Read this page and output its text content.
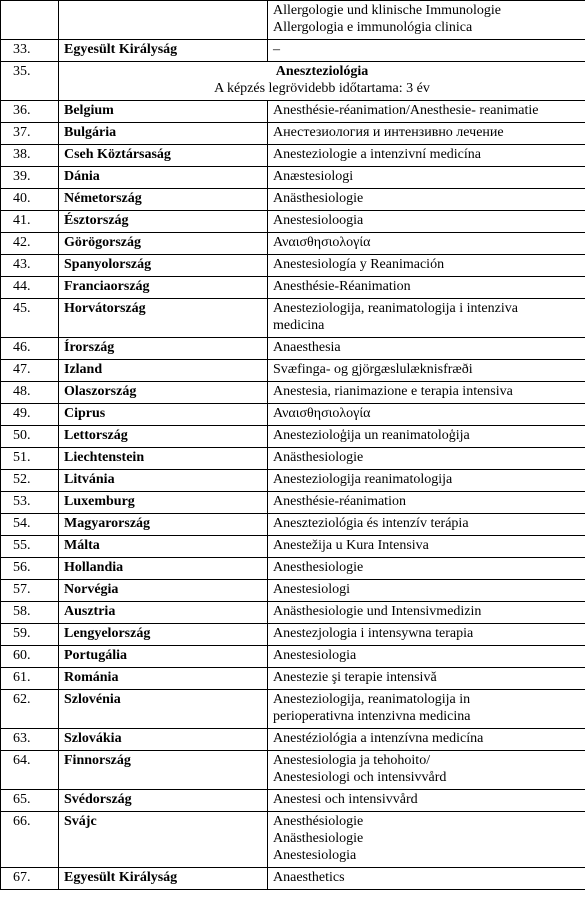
		Allergologie und klinische Immunologie
Allergologia e immunológia clinica
33.	Egyesült Királyság	–
35.	Aneszteziológia
A képzés legrövidebb időtartama: 3 év	

36.	Belgium	Anesthésie-réanimation/Anesthesie- reanimatie
37.	Bulgária	Анестезиология и интензивно лечение
38.	Cseh Köztársaság	Anesteziologie a intenzivní medicína
39.	Dánia	Anæstesiologi
40.	Németország	Anästhesiologie
41.	Észtország	Anestesioloogia
42.	Görögország	Αναισθησιολογία
43.	Spanyolország	Anestesiología y Reanimación
44.	Franciaország	Anesthésie-Réanimation
45.	Horvátország	Anesteziologija, reanimatologija i intenziva
medicina
46.	Írország	Anaesthesia
47.	Izland	Svæfinga- og gjörgæslulæknisfræði
48.	Olaszország	Anestesia, rianimazione e terapia intensiva
49.	Ciprus	Αναισθησιολογία
50.	Lettország	Anestezioloģija un reanimatoloģija
51.	Liechtenstein	Anästhesiologie
52.	Litvánia	Anesteziologija reanimatologija
53.	Luxemburg	Anesthésie-réanimation
54.	Magyarország	Aneszteziológia és intenzív terápia
55.	Málta	Anestežija u Kura Intensiva
56.	Hollandia	Anesthesiologie
57.	Norvégia	Anestesiologi
58.	Ausztria	Anästhesiologie und Intensivmedizin
59.	Lengyelország	Anestezjologia i intensywna terapia
60.	Portugália	Anestesiologia
61.	Románia	Anestezie şi terapie intensivă
62.	Szlovénia	Anesteziologija, reanimatologija in
perioperativna intenzivna medicina
63.	Szlovákia	Anestéziológia a intenzívna medicína
64.	Finnország	Anestesiologia ja tehohoito/
Anestesiologi och intensivvård
65.	Svédország	Anestesi och intensivvård
66.	Svájc	Anesthésiologie
Anästhesiologie
Anestesiologia
67.	Egyesült Királyság	Anaesthetics
